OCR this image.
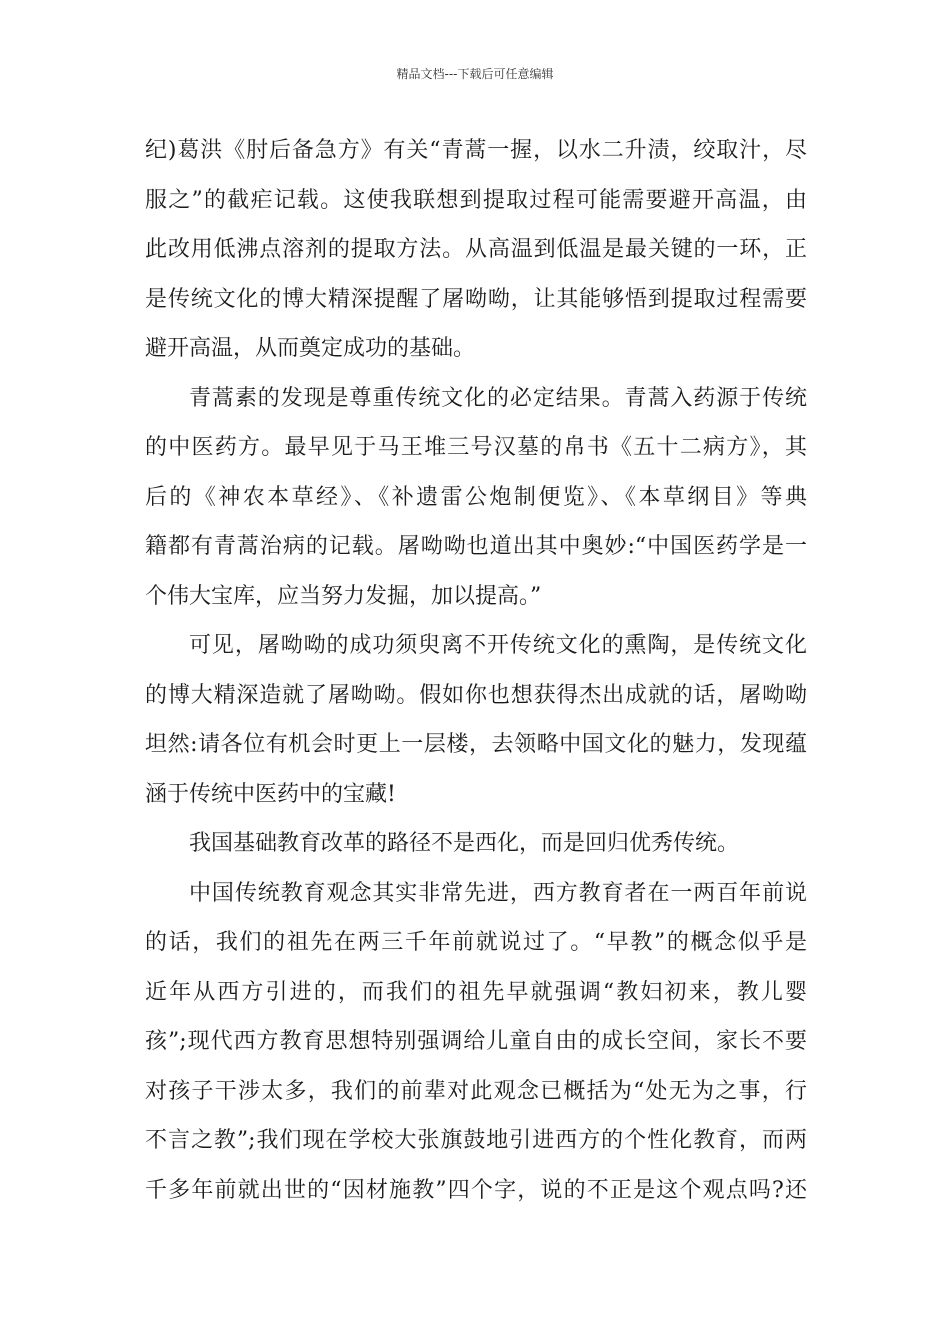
精品文档---下载后可任意编辑
纪)葛洪《肘后备急方》有关“青蒿一握，以水二升渍，绞取汁，尽
服之”的截疟记载。这使我联想到提取过程可能需要避开高温，由
此改用低沸点溶剂的提取方法。从高温到低温是最关键的一环，正
是传统文化的博大精深提醒了屠呦呦，让其能够悟到提取过程需要
避开高温，从而奠定成功的基础。
青蒿素的发现是尊重传统文化的必定结果。青蒿入药源于传统
的中医药方。最早见于马王堆三号汉墓的帛书《五十二病方》，其
后的《神农本草经》、《补遗雷公炮制便览》、《本草纲目》等典
籍都有青蒿治病的记载。屠呦呦也道出其中奥妙:“中国医药学是一
个伟大宝库，应当努力发掘，加以提高。”
可见，屠呦呦的成功须臾离不开传统文化的熏陶，是传统文化
的博大精深造就了屠呦呦。假如你也想获得杰出成就的话，屠呦呦
坦然:请各位有机会时更上一层楼，去领略中国文化的魅力，发现蕴
涵于传统中医药中的宝藏!
我国基础教育改革的路径不是西化，而是回归优秀传统。
中国传统教育观念其实非常先进，西方教育者在一两百年前说
的话，我们的祖先在两三千年前就说过了。“早教”的概念似乎是
近年从西方引进的，而我们的祖先早就强调“教妇初来，教儿婴
孩”;现代西方教育思想特别强调给儿童自由的成长空间，家长不要
对孩子干涉太多，我们的前辈对此观念已概括为“处无为之事，行
不言之教”;我们现在学校大张旗鼓地引进西方的个性化教育，而两
千多年前就出世的“因材施教”四个字，说的不正是这个观点吗?还
